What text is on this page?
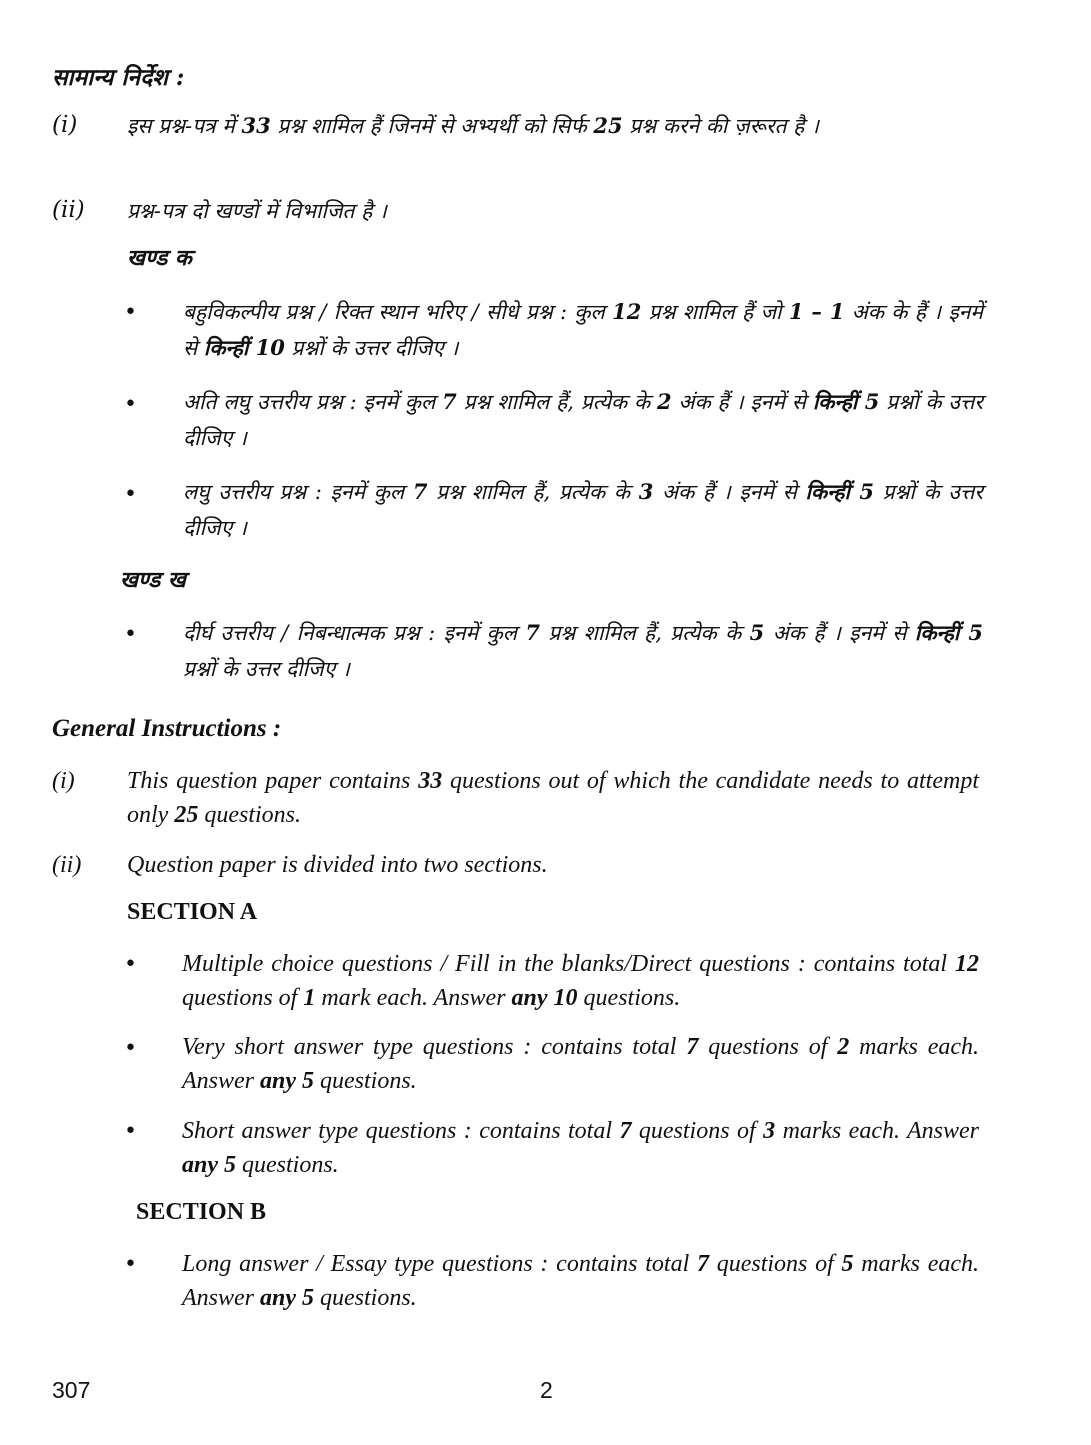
सामान्य निर्देश :
(i) इस प्रश्न-पत्र में 33 प्रश्न शामिल हैं जिनमें से अभ्यर्थी को सिर्फ 25 प्रश्न करने की ज़रूरत है ।
(ii) प्रश्न-पत्र दो खण्डों में विभाजित है ।
खण्ड क
• बहुविकल्पीय प्रश्न / रिक्त स्थान भरिए / सीधे प्रश्न : कुल 12 प्रश्न शामिल हैं जो 1 – 1 अंक के हैं । इनमें से किन्हीं 10 प्रश्नों के उत्तर दीजिए ।
• अति लघु उत्तरीय प्रश्न : इनमें कुल 7 प्रश्न शामिल हैं, प्रत्येक के 2 अंक हैं । इनमें से किन्हीं 5 प्रश्नों के उत्तर दीजिए ।
• लघु उत्तरीय प्रश्न : इनमें कुल 7 प्रश्न शामिल हैं, प्रत्येक के 3 अंक हैं । इनमें से किन्हीं 5 प्रश्नों के उत्तर दीजिए ।
खण्ड ख
• दीर्घ उत्तरीय / निबन्धात्मक प्रश्न : इनमें कुल 7 प्रश्न शामिल हैं, प्रत्येक के 5 अंक हैं । इनमें से किन्हीं 5 प्रश्नों के उत्तर दीजिए ।
General Instructions :
(i) This question paper contains 33 questions out of which the candidate needs to attempt only 25 questions.
(ii) Question paper is divided into two sections.
SECTION A
• Multiple choice questions / Fill in the blanks/Direct questions : contains total 12 questions of 1 mark each. Answer any 10 questions.
• Very short answer type questions : contains total 7 questions of 2 marks each. Answer any 5 questions.
• Short answer type questions : contains total 7 questions of 3 marks each. Answer any 5 questions.
SECTION B
• Long answer / Essay type questions : contains total 7 questions of 5 marks each. Answer any 5 questions.
307	2
